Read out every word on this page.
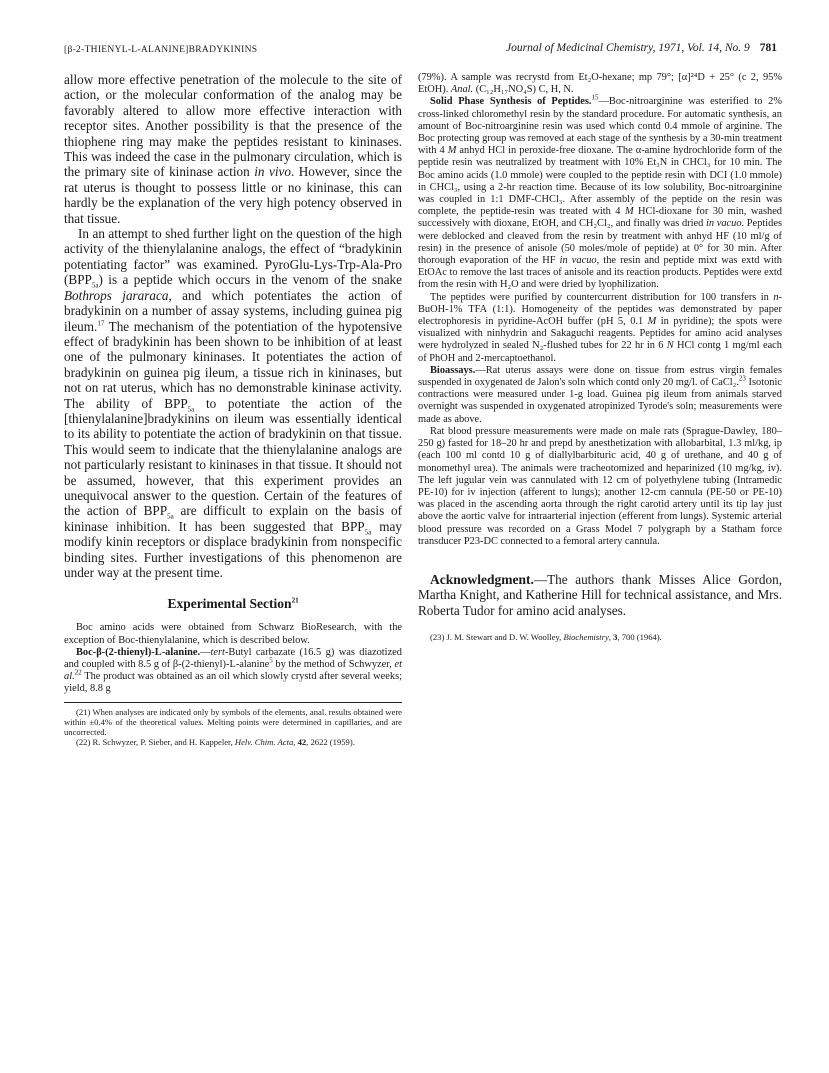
[β-2-THIENYL-L-ALANINE]BRADYKININS	Journal of Medicinal Chemistry, 1971, Vol. 14, No. 9 781

allow more effective penetration of the molecule to the site of action, or the molecular conformation of the analog may be favorably altered to allow more effective interaction with receptor sites. Another possibility is that the presence of the thiophene ring may make the peptides resistant to kininases. This was indeed the case in the pulmonary circulation, which is the primary site of kininase action in vivo. However, since the rat uterus is thought to possess little or no kininase, this can hardly be the explanation of the very high potency observed in that tissue.

In an attempt to shed further light on the question of the high activity of the thienylalanine analogs, the effect of “bradykinin potentiating factor” was examined. PyroGlu-Lys-Trp-Ala-Pro $(BPP_{5a})$ is a peptide which occurs in the venom of the snake Bothrops jararaca, and which potentiates the action of bradykinin on a number of assay systems, including guinea pig ileum.$^{17}$ The mechanism of the potentiation of the hypotensive effect of bradykinin has been shown to be inhibition of at least one of the pulmonary kininases. It potentiates the action of bradykinin on guinea pig ileum, a tissue rich in kininases, but not on rat uterus, which has no demonstrable kininase activity. The ability of $BPP_{5a}$ to potentiate the action of the [thienylalanine]bradykinins on ileum was essentially identical to its ability to potentiate the action of bradykinin on that tissue. This would seem to indicate that the thienylalanine analogs are not particularly resistant to kininases in that tissue. It should not be assumed, however, that this experiment provides an unequivocal answer to the question. Certain of the features of the action of $BPP_{5a}$ are difficult to explain on the basis of kininase inhibition. It has been suggested that $BPP_{5a}$ may modify kinin receptors or displace bradykinin from nonspecific binding sites. Further investigations of this phenomenon are under way at the present time.

Experimental Section$^{21}$

Boc amino acids were obtained from Schwarz BioResearch, with the exception of Boc-thienylalanine, which is described below.

Boc-β-(2-thienyl)-L-alanine.—tert-Butyl carbazate (16.5 g) was diazotized and coupled with 8.5 g of β-(2-thienyl)-L-alanine$^5$ by the method of Schwyzer, et al.$^{22}$ The product was obtained as an oil which slowly crystd after several weeks; yield, 8.8 g

(21) When analyses are indicated only by symbols of the elements, anal. results obtained were within ±0.4% of the theoretical values. Melting points were determined in capillaries, and are uncorrected.

(22) R. Schwyzer, P. Sieber, and H. Kappeler, Helv. Chim. Acta, 42, 2622 (1959).

(79%). A sample was recrystd from Et₂O-hexane; mp 79°; [α]²⁴D + 25° (c 2, 95% EtOH). Anal. (C₁₂H₁₇NO₄S) C, H, N.

Solid Phase Synthesis of Peptides.$^{15}$—Boc-nitroarginine was esterified to 2% cross-linked chloromethyl resin by the standard procedure. For automatic synthesis, an amount of Boc-nitroarginine resin was used which contd 0.4 mmole of arginine. The Boc protecting group was removed at each stage of the synthesis by a 30-min treatment with 4 M anhyd HCl in peroxide-free dioxane. The α-amine hydrochloride form of the peptide resin was neutralized by treatment with 10% Et₃N in CHCl₃ for 10 min. The Boc amino acids (1.0 mmole) were coupled to the peptide resin with DCI (1.0 mmole) in CHCl₃, using a 2-hr reaction time. Because of its low solubility, Boc-nitroarginine was coupled in 1:1 DMF-CHCl₃. After assembly of the peptide on the resin was complete, the peptide-resin was treated with 4 M HCl-dioxane for 30 min, washed successively with dioxane, EtOH, and CH₂Cl₂, and finally was dried in vacuo. Peptides were deblocked and cleaved from the resin by treatment with anhyd HF (10 ml/g of resin) in the presence of anisole (50 moles/mole of peptide) at 0° for 30 min. After thorough evaporation of the HF in vacuo, the resin and peptide mixt was extd with EtOAc to remove the last traces of anisole and its reaction products. Peptides were extd from the resin with H₂O and were dried by lyophilization.

The peptides were purified by countercurrent distribution for 100 transfers in n-BuOH-1% TFA (1:1). Homogeneity of the peptides was demonstrated by paper electrophoresis in pyridine-AcOH buffer (pH 5, 0.1 M in pyridine); the spots were visualized with ninhydrin and Sakaguchi reagents. Peptides for amino acid analyses were hydrolyzed in sealed N₂-flushed tubes for 22 hr in 6 N HCl contg 1 mg/ml each of PhOH and 2-mercaptoethanol.

Bioassays.—Rat uterus assays were done on tissue from estrus virgin females suspended in oxygenated de Jalon's soln which contd only 20 mg/l. of CaCl₂.$^{23}$ Isotonic contractions were measured under 1-g load. Guinea pig ileum from animals starved overnight was suspended in oxygenated atropinized Tyrode's soln; measurements were made as above.

Rat blood pressure measurements were made on male rats (Sprague-Dawley, 180–250 g) fasted for 18–20 hr and prepd by anesthetization with allobarbital, 1.3 ml/kg, ip (each 100 ml contd 10 g of diallylbarbituric acid, 40 g of urethane, and 40 g of monomethyl urea). The animals were tracheotomized and heparinized (10 mg/kg, iv). The left jugular vein was cannulated with 12 cm of polyethylene tubing (Intramedic PE-10) for iv injection (afferent to lungs); another 12-cm cannula (PE-50 or PE-10) was placed in the ascending aorta through the right carotid artery until its tip lay just above the aortic valve for intraarterial injection (efferent from lungs). Systemic arterial blood pressure was recorded on a Grass Model 7 polygraph by a Statham force transducer P23-DC connected to a femoral artery cannula.

Acknowledgment.—The authors thank Misses Alice Gordon, Martha Knight, and Katherine Hill for technical assistance, and Mrs. Roberta Tudor for amino acid analyses.

(23) J. M. Stewart and D. W. Woolley, Biochemistry, 3, 700 (1964).
